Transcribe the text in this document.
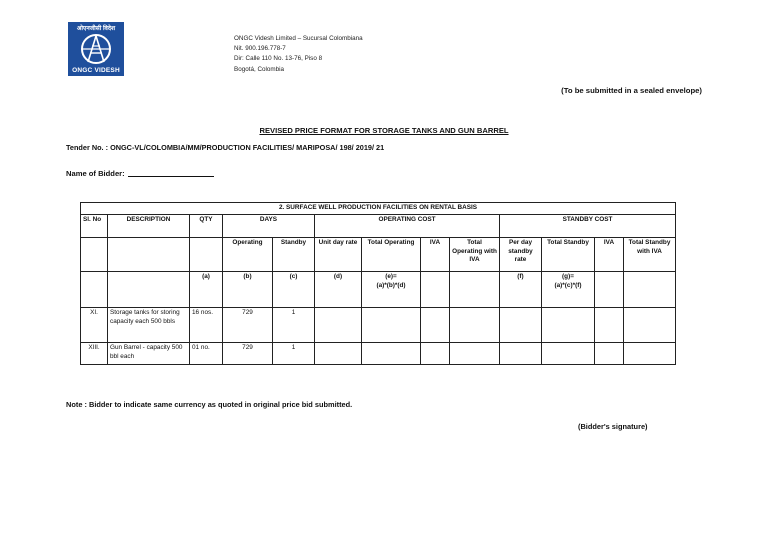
ओएनजीसी विदेश
ONGC VIDESH
ONGC Videsh Limited – Sucursal Colombiana
Nit. 900.196.778-7
Dir: Calle 110 No. 13-76, Piso 8
Bogotá, Colombia
(To be submitted in a sealed envelope)
REVISED PRICE FORMAT FOR STORAGE TANKS AND GUN BARREL
Tender No. : ONGC-VL/COLOMBIA/MM/PRODUCTION FACILITIES/ MARIPOSA/ 198/ 2019/ 21
Name of Bidder:
2. SURFACE WELL PRODUCTION FACILITIES ON RENTAL BASIS												
Sl. No	DESCRIPTION	QTY	DAYS		OPERATING COST				STANDBY COST			
			Operating	Standby	Unit day rate	Total Operating	IVA	Total Operating with IVA	Per day standby rate	Total Standby	IVA	Total Standby with IVA
		(a)	(b)	(c)	(d)	(e)=
(a)*(b)*(d)			(f)	(g)=
(a)*(c)*(f)		
XI.	Storage tanks for storing capacity each 500 bbls	16 nos.	729	1								
XIII.	Gun Barrel - capacity 500 bbl each	01 no.	729	1								
Note : Bidder to indicate same currency as quoted in original price bid submitted.
(Bidder's signature)
